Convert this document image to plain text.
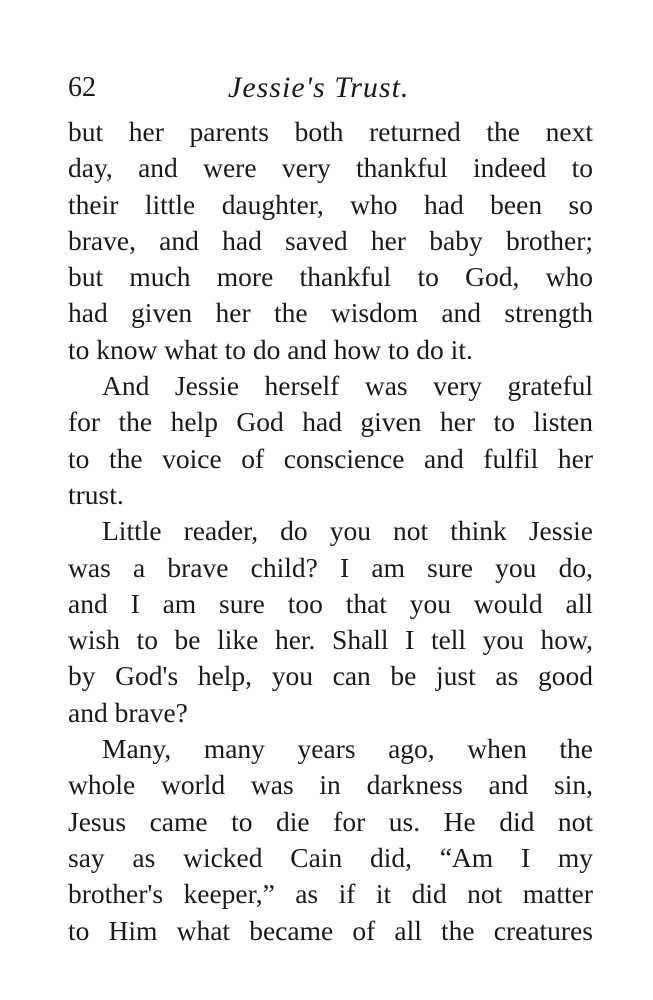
62	Jessie's Trust.
but her parents both returned the next
day, and were very thankful indeed to
their little daughter, who had been so
brave, and had saved her baby brother;
but much more thankful to God, who
had given her the wisdom and strength
to know what to do and how to do it.
And Jessie herself was very grateful
for the help God had given her to listen
to the voice of conscience and fulfil her
trust.
Little reader, do you not think Jessie
was a brave child? I am sure you do,
and I am sure too that you would all
wish to be like her. Shall I tell you how,
by God's help, you can be just as good
and brave?
Many, many years ago, when the
whole world was in darkness and sin,
Jesus came to die for us. He did not
say as wicked Cain did, “Am I my
brother's keeper,” as if it did not matter
to Him what became of all the creatures
